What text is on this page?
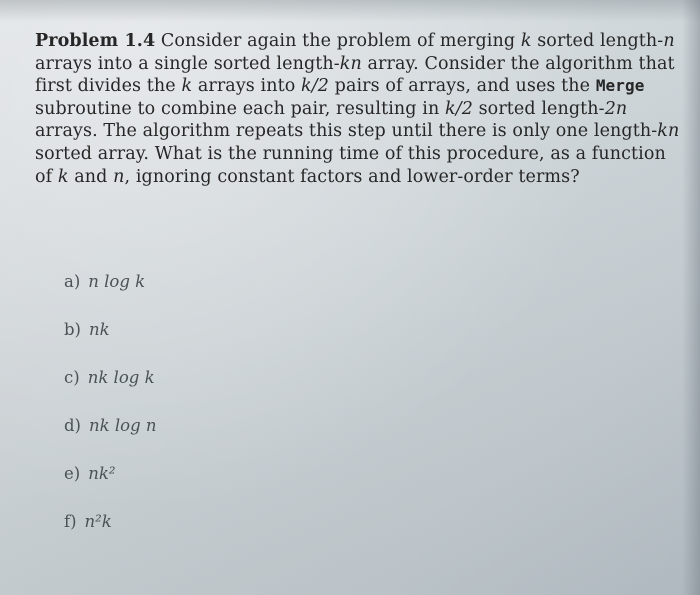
Problem 1.4 Consider again the problem of merging k sorted length-n arrays into a single sorted length-kn array. Consider the algorithm that first divides the k arrays into k/2 pairs of arrays, and uses the Merge subroutine to combine each pair, resulting in k/2 sorted length-2n arrays. The algorithm repeats this step until there is only one length-kn sorted array. What is the running time of this procedure, as a function of k and n, ignoring constant factors and lower-order terms?
a) n log k
b) nk
c) nk log k
d) nk log n
e) nk²
f) n²k
